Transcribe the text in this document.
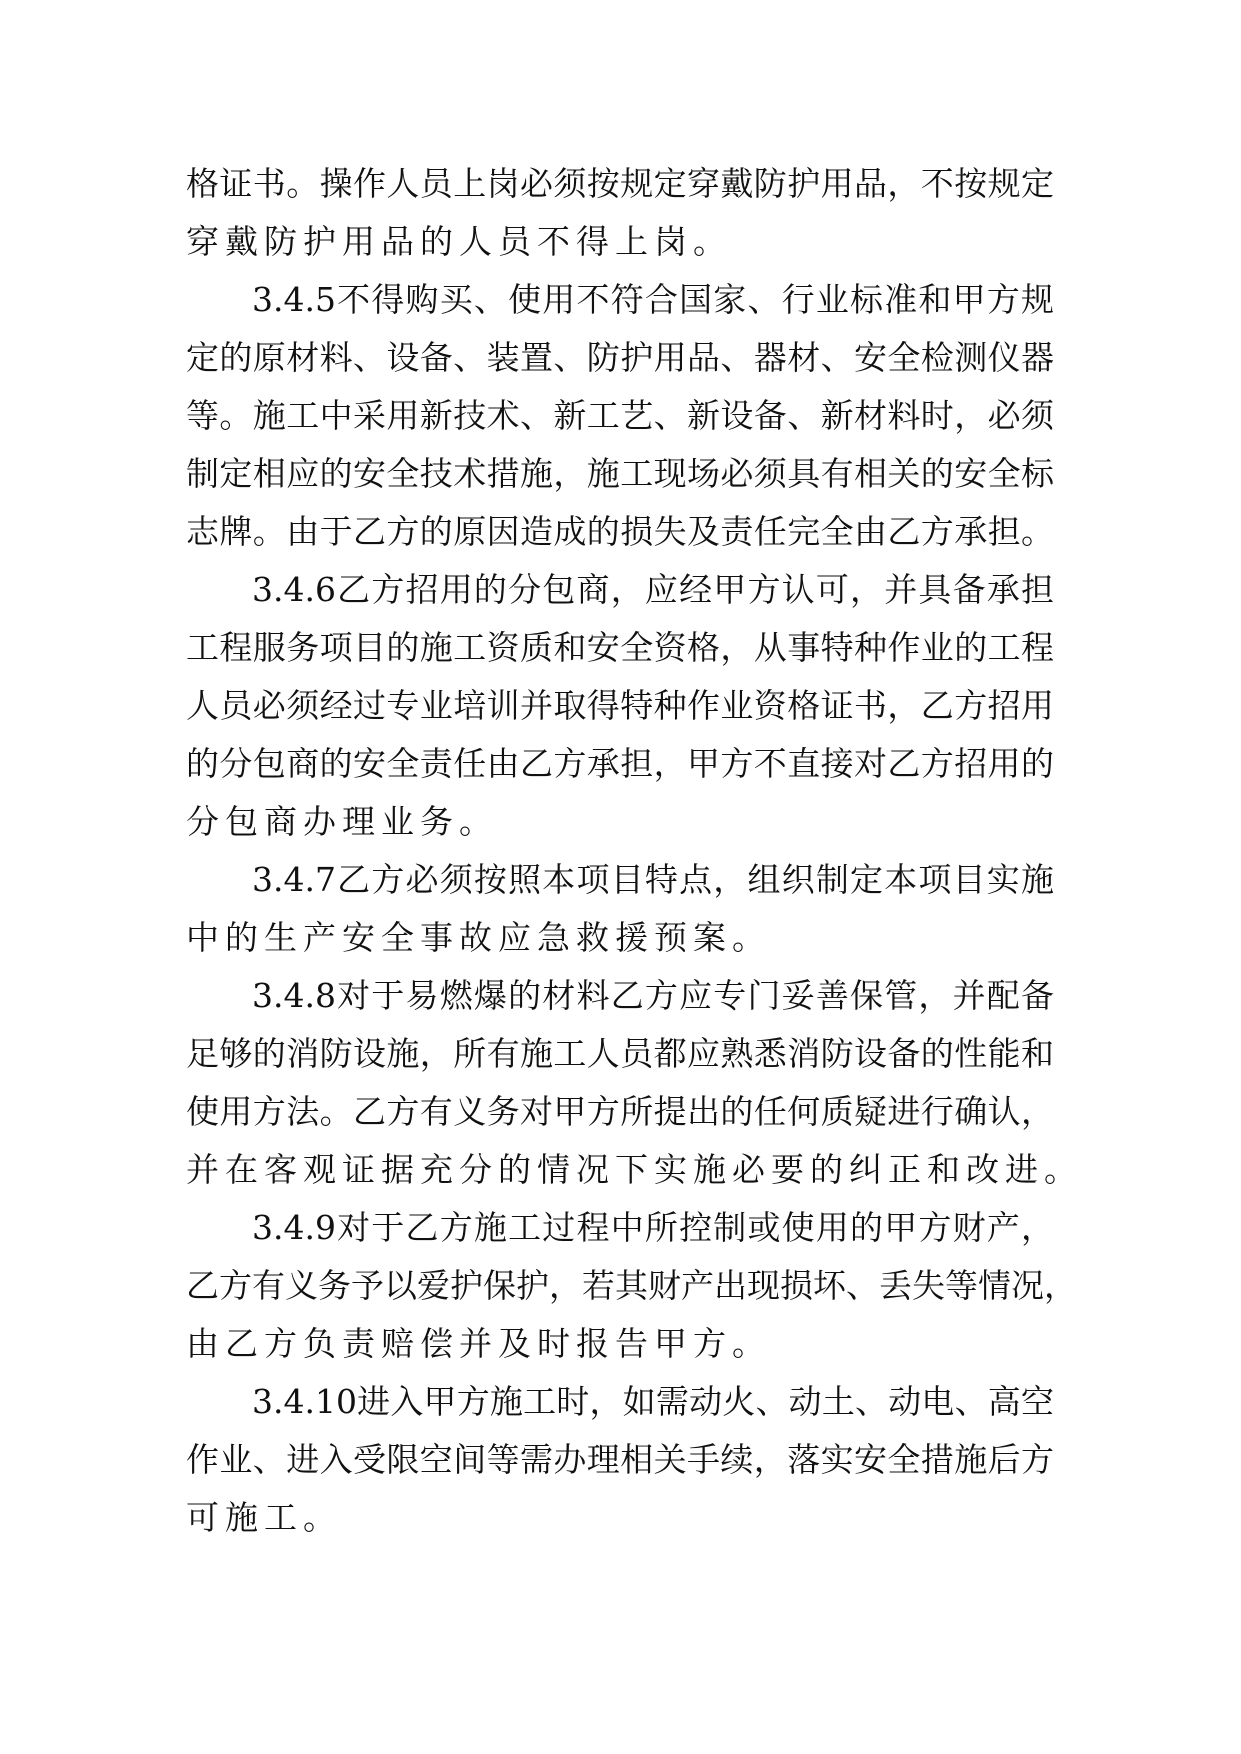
格证书。操作人员上岗必须按规定穿戴防护用品，不按规定
穿戴防护用品的人员不得上岗。
3.4.5不得购买、使用不符合国家、行业标准和甲方规
定的原材料、设备、装置、防护用品、器材、安全检测仪器
等。施工中采用新技术、新工艺、新设备、新材料时，必须
制定相应的安全技术措施，施工现场必须具有相关的安全标
志牌。由于乙方的原因造成的损失及责任完全由乙方承担。
3.4.6乙方招用的分包商，应经甲方认可，并具备承担
工程服务项目的施工资质和安全资格，从事特种作业的工程
人员必须经过专业培训并取得特种作业资格证书，乙方招用
的分包商的安全责任由乙方承担，甲方不直接对乙方招用的
分包商办理业务。
3.4.7乙方必须按照本项目特点，组织制定本项目实施
中的生产安全事故应急救援预案。
3.4.8对于易燃爆的材料乙方应专门妥善保管，并配备
足够的消防设施，所有施工人员都应熟悉消防设备的性能和
使用方法。乙方有义务对甲方所提出的任何质疑进行确认，
并在客观证据充分的情况下实施必要的纠正和改进。
3.4.9对于乙方施工过程中所控制或使用的甲方财产，
乙方有义务予以爱护保护，若其财产出现损坏、丢失等情况，
由乙方负责赔偿并及时报告甲方。
3.4.10进入甲方施工时，如需动火、动土、动电、高空
作业、进入受限空间等需办理相关手续，落实安全措施后方
可施工。
